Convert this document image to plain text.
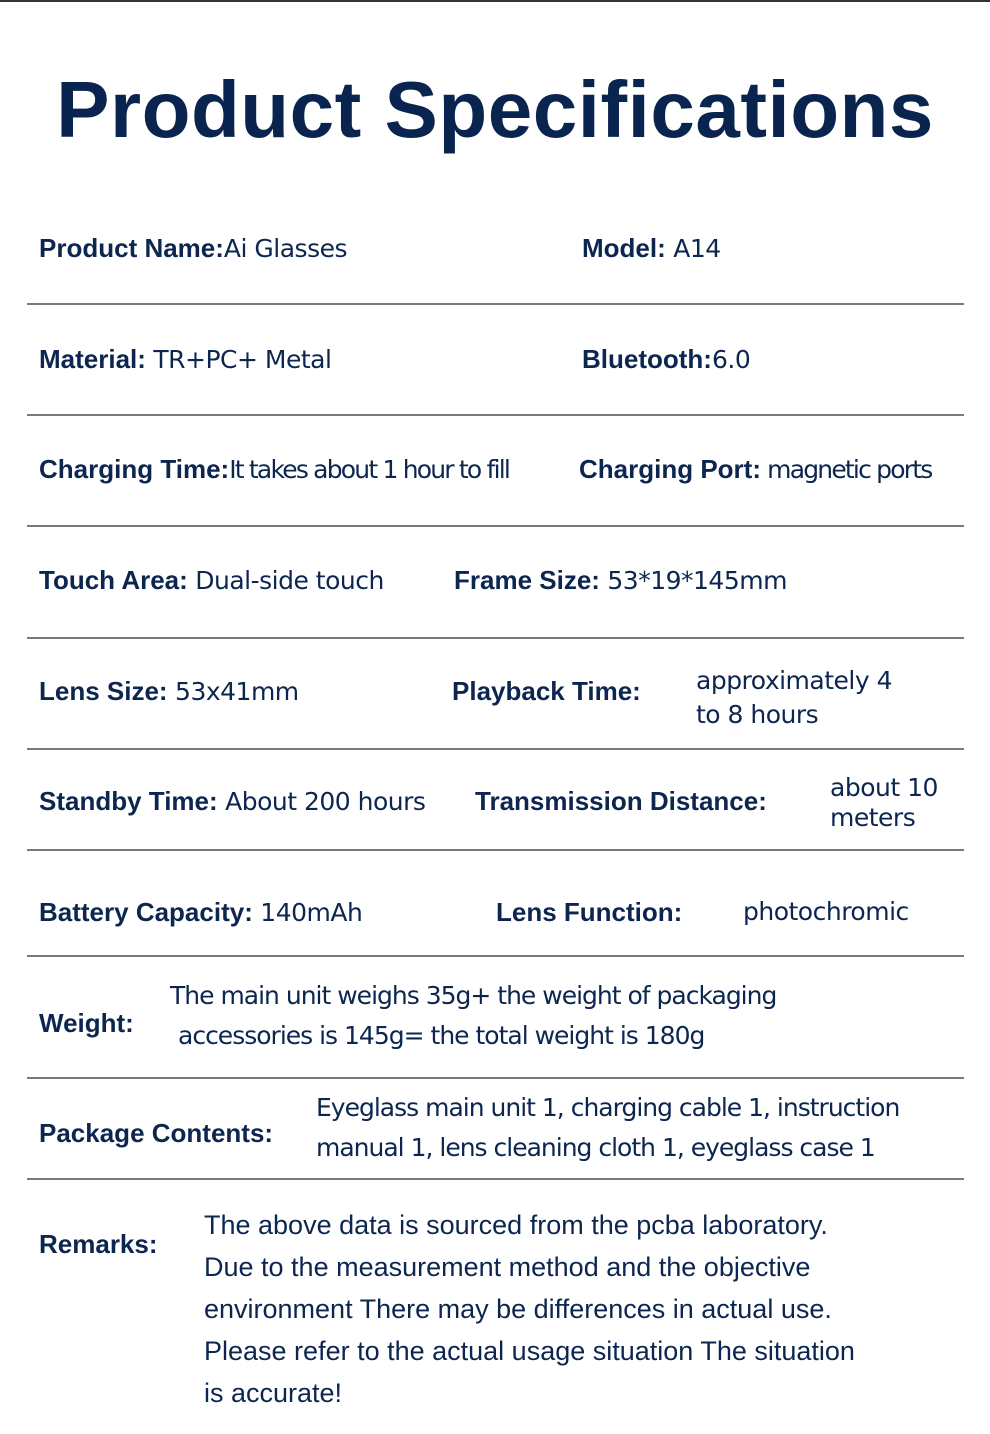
Product Specifications
Product Name:Ai Glasses	Model: A14
Material: TR+PC+ Metal	Bluetooth:6.0
Charging Time:It takes about 1 hour to fill	Charging Port: magnetic ports
Touch Area: Dual-side touch	Frame Size: 53*19*145mm
Lens Size: 53x41mm	Playback Time: approximately 4
to 8 hours
Standby Time: About 200 hours Transmission Distance:	about 10
meters
Battery Capacity: 140mAh	Lens Function: photochromic
Weight:
The main unit weighs 35g+ the weight of packaging
accessories is 145g= the total weight is 180g
Package Contents:
Eyeglass main unit 1, charging cable 1, instruction
manual 1, lens cleaning cloth 1, eyeglass case 1
Remarks:
The above data is sourced from the pcba laboratory.
Due to the measurement method and the objective
environment There may be differences in actual use.
Please refer to the actual usage situation The situation
is accurate!
